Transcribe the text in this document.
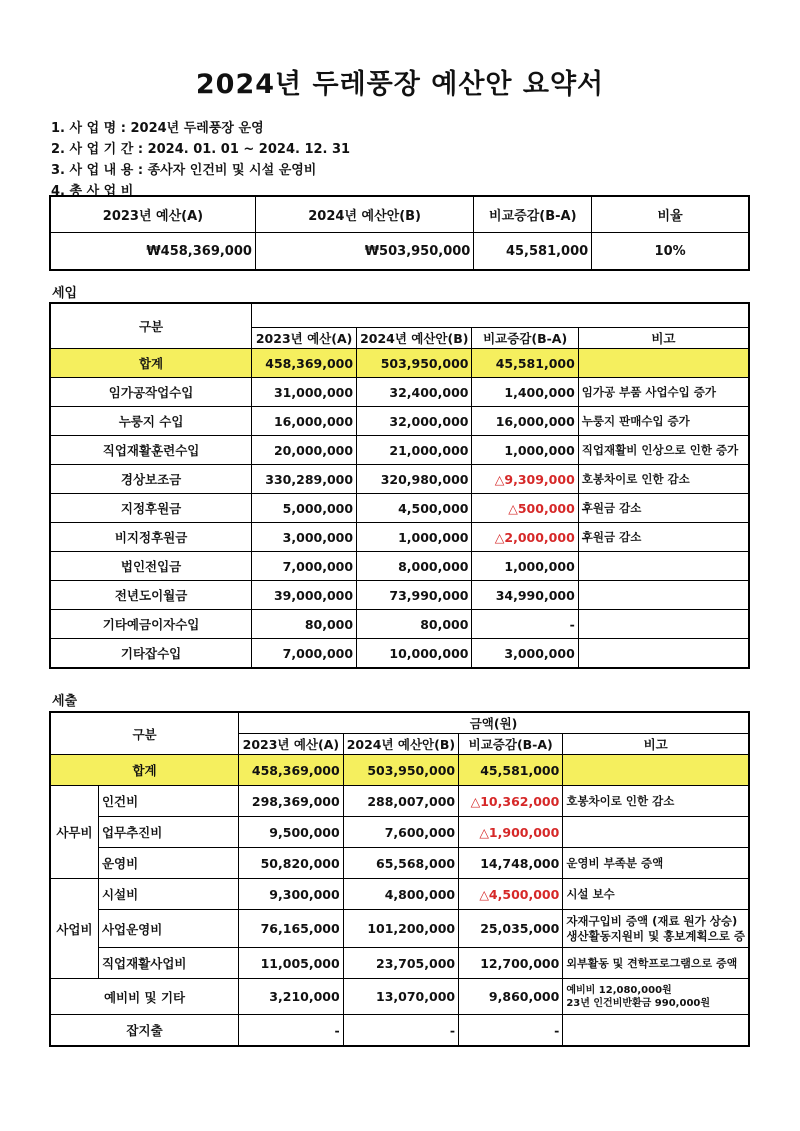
2024년 두레풍장 예산안 요약서
1. 사 업 명 : 2024년 두레풍장 운영
2. 사 업 기 간 : 2024. 01. 01 ~ 2024. 12. 31
3. 사 업 내 용 : 종사자 인건비 및 시설 운영비
4. 총 사 업 비
2023년 예산(A)	2024년 예산안(B)	비교증감(B-A)	비율
₩458,369,000	₩503,950,000	45,581,000	10%
세입
구분				
	2023년 예산(A)	2024년 예산안(B)	비교증감(B-A)	비고
합계	458,369,000	503,950,000	45,581,000	
임가공작업수입	31,000,000	32,400,000	1,400,000	임가공 부품 사업수입 증가
누룽지 수입	16,000,000	32,000,000	16,000,000	누룽지 판매수입 증가
직업재활훈련수입	20,000,000	21,000,000	1,000,000	직업재활비 인상으로 인한 증가
경상보조금	330,289,000	320,980,000	△9,309,000	호봉차이로 인한 감소
지정후원금	5,000,000	4,500,000	△500,000	후원금 감소
비지정후원금	3,000,000	1,000,000	△2,000,000	후원금 감소
법인전입금	7,000,000	8,000,000	1,000,000	
전년도이월금	39,000,000	73,990,000	34,990,000	
기타예금이자수입	80,000	80,000	-	
기타잡수입	7,000,000	10,000,000	3,000,000	
세출
구분		금액(원)			
		2023년 예산(A)	2024년 예산안(B)	비교증감(B-A)	비고
합계		458,369,000	503,950,000	45,581,000	
사무비	인건비	298,369,000	288,007,000	△10,362,000	호봉차이로 인한 감소
	업무추진비	9,500,000	7,600,000	△1,900,000	
	운영비	50,820,000	65,568,000	14,748,000	운영비 부족분 증액
사업비	시설비	9,300,000	4,800,000	△4,500,000	시설 보수
	사업운영비	76,165,000	101,200,000	25,035,000	자재구입비 증액 (재료 원가 상승)
생산활동지원비 및 홍보계획으로 증

	직업재활사업비	11,005,000	23,705,000	12,700,000	외부활동 및 견학프로그램으로 증액
예비비 및 기타		3,210,000	13,070,000	9,860,000	예비비 12,080,000원
23년 인건비반환금 990,000원

잡지출		-	-	-	
